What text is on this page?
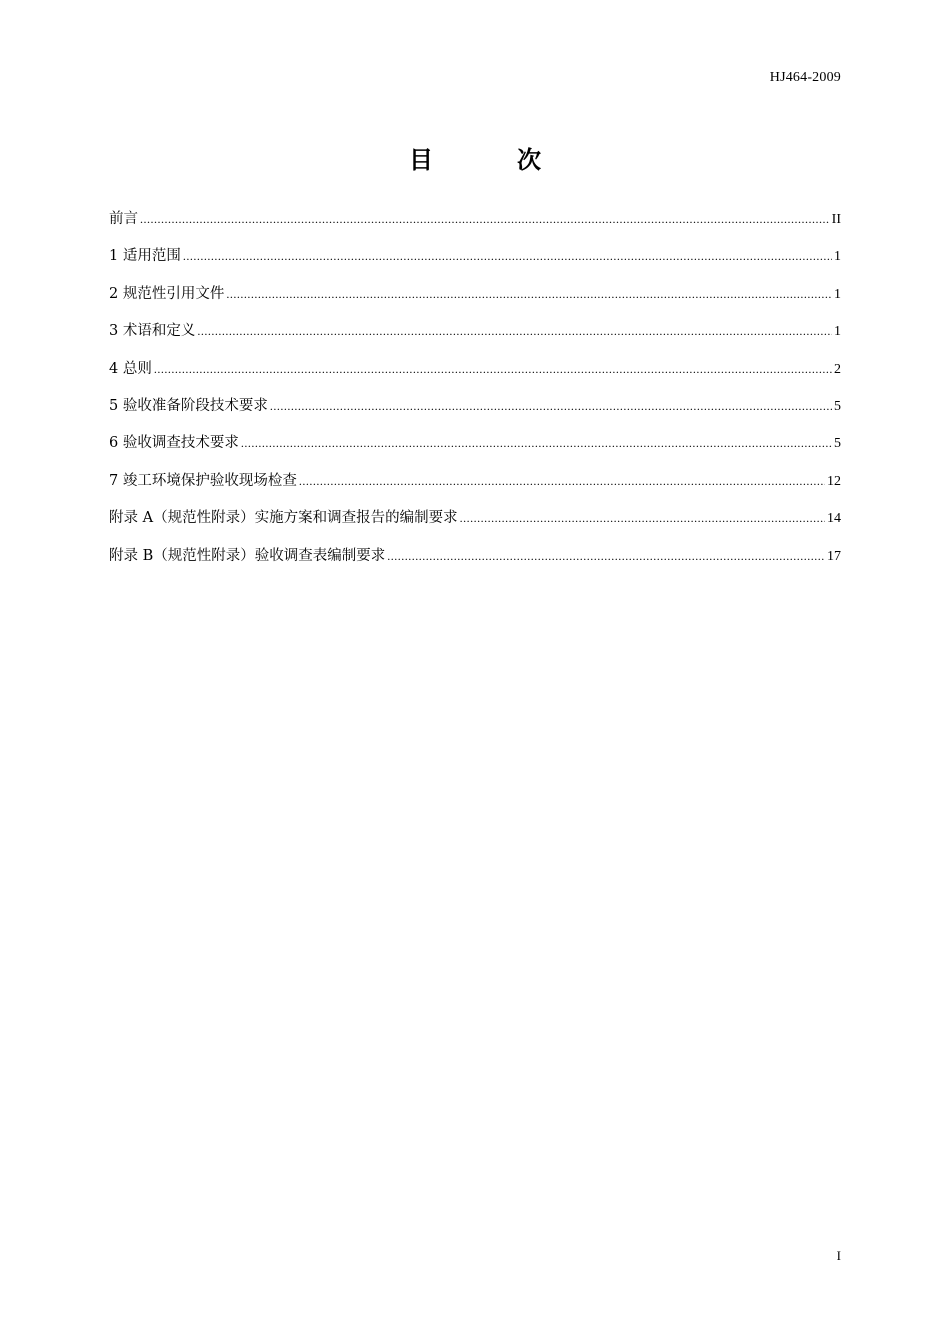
HJ464-2009
目　次
前言 .....	II
1 适用范围 .....	1
2 规范性引用文件 .....	1
3 术语和定义 .....	1
4 总则 .....	2
5 验收准备阶段技术要求 .....	5
6 验收调查技术要求 .....	5
7 竣工环境保护验收现场检查 .....	12
附录 A（规范性附录）实施方案和调查报告的编制要求 .....	14
附录 B（规范性附录）验收调查表编制要求 .....	17
I
